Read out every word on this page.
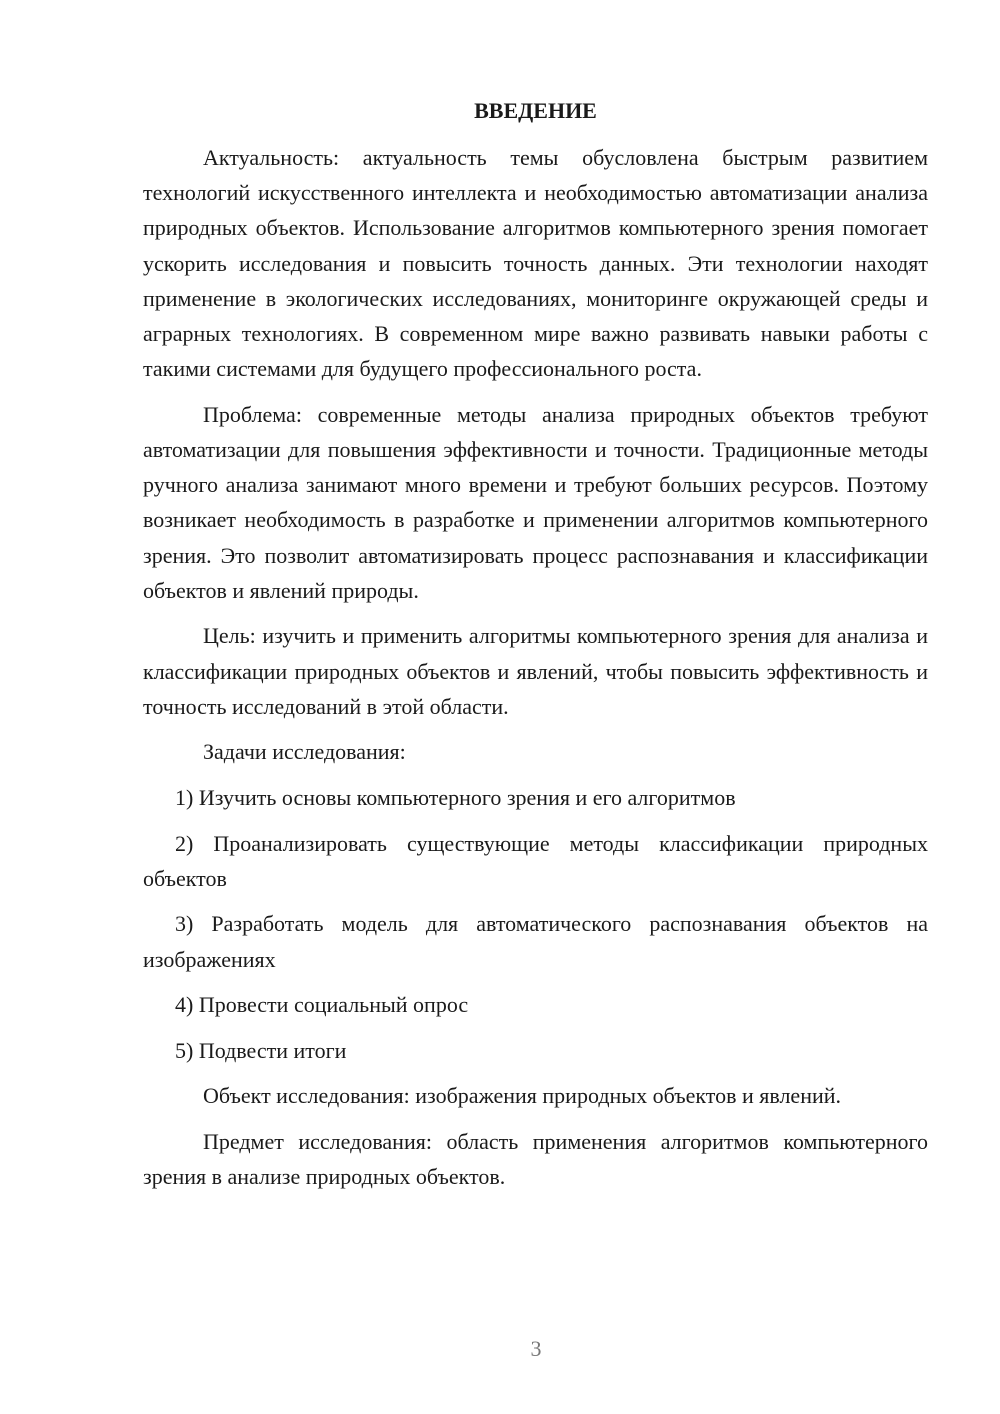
ВВЕДЕНИЕ

Актуальность: актуальность темы обусловлена быстрым развитием технологий искусственного интеллекта и необходимостью автоматизации анализа природных объектов. Использование алгоритмов компьютерного зрения помогает ускорить исследования и повысить точность данных. Эти технологии находят применение в экологических исследованиях, мониторинге окружающей среды и аграрных технологиях. В современном мире важно развивать навыки работы с такими системами для будущего профессионального роста.

Проблема: современные методы анализа природных объектов требуют автоматизации для повышения эффективности и точности. Традиционные методы ручного анализа занимают много времени и требуют больших ресурсов. Поэтому возникает необходимость в разработке и применении алгоритмов компьютерного зрения. Это позволит автоматизировать процесс распознавания и классификации объектов и явлений природы.

Цель: изучить и применить алгоритмы компьютерного зрения для анализа и классификации природных объектов и явлений, чтобы повысить эффективность и точность исследований в этой области.

Задачи исследования:

1) Изучить основы компьютерного зрения и его алгоритмов

2) Проанализировать существующие методы классификации природных объектов

3) Разработать модель для автоматического распознавания объектов на изображениях

4) Провести социальный опрос

5) Подвести итоги

Объект исследования: изображения природных объектов и явлений.

Предмет исследования: область применения алгоритмов компьютерного зрения в анализе природных объектов.

3
